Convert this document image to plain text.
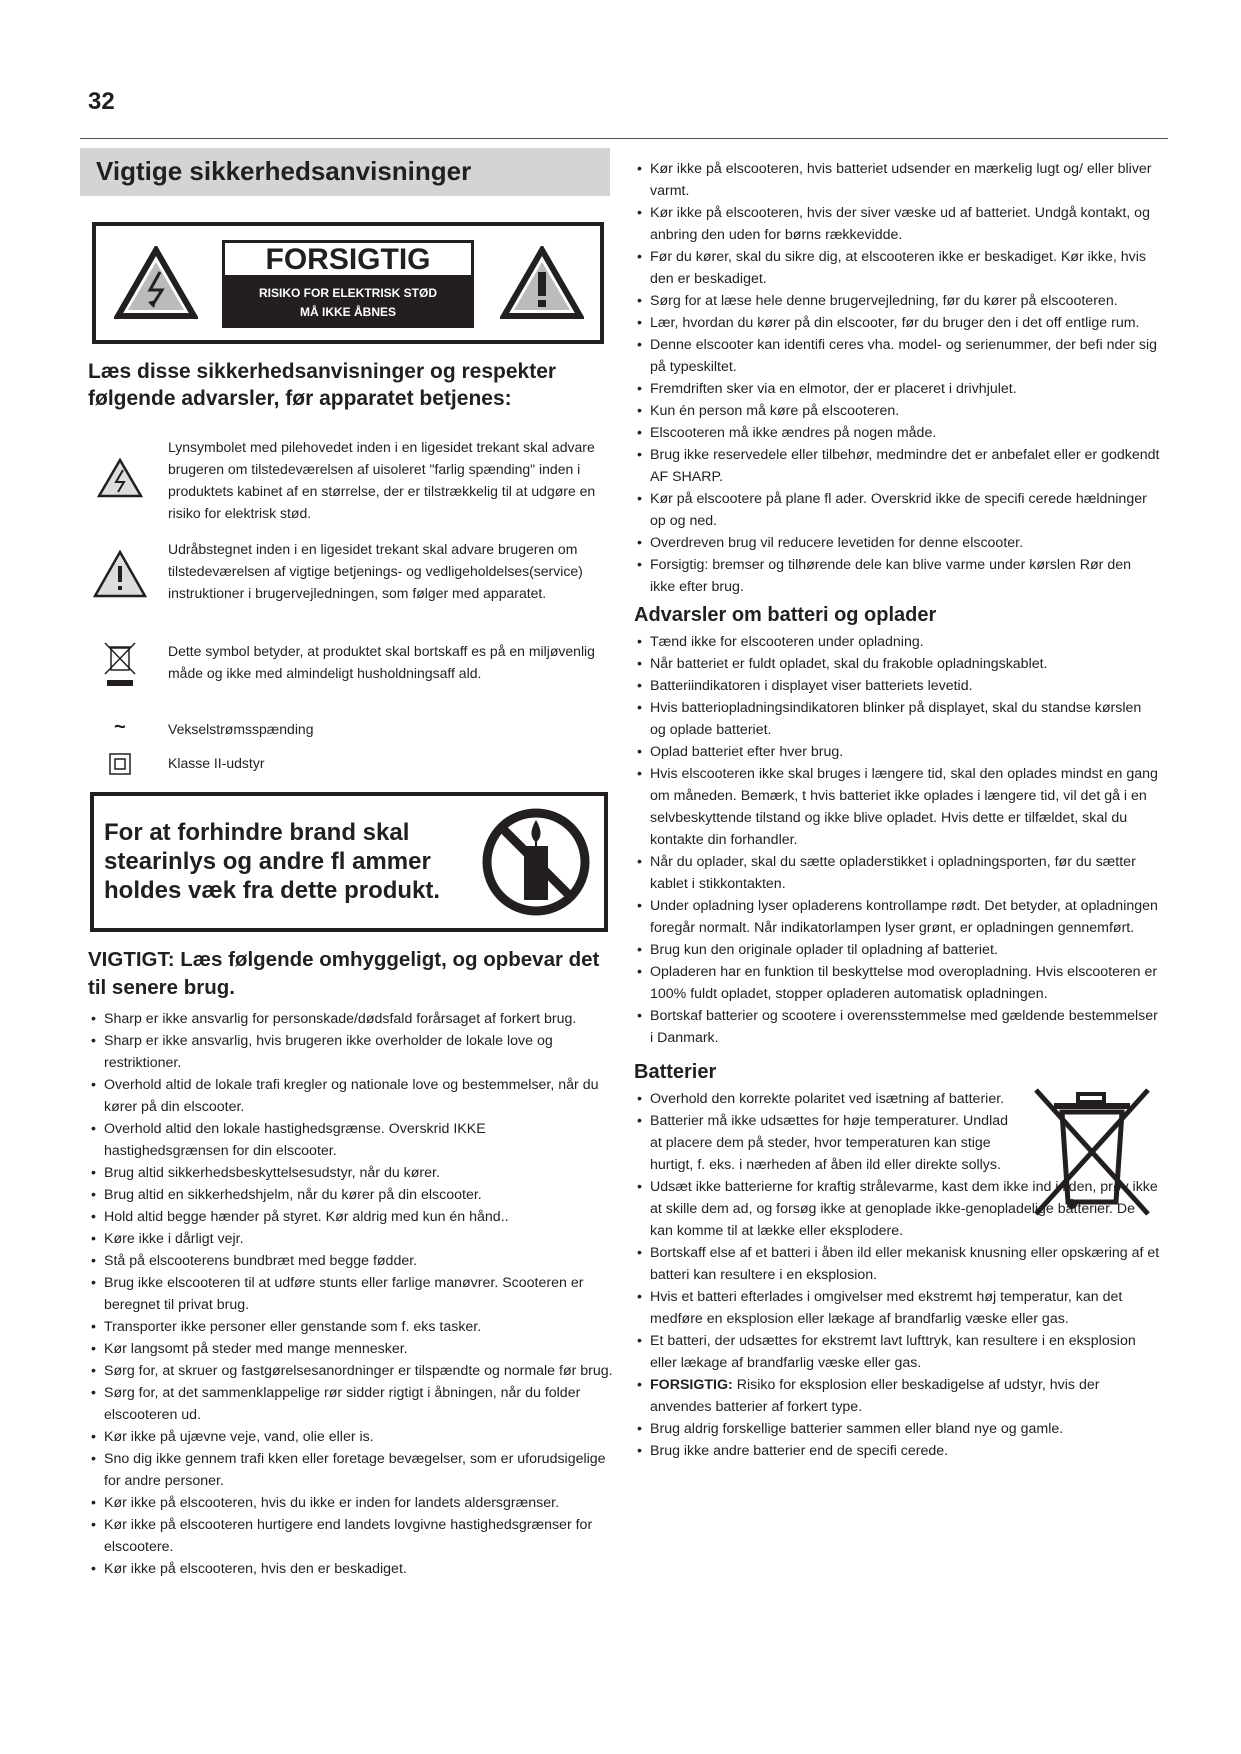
32
Vigtige sikkerhedsanvisninger
FORSIGTIG
RISIKO FOR ELEKTRISK STØD
MÅ IKKE ÅBNES
Læs disse sikkerhedsanvisninger og respekter følgende advarsler, før apparatet betjenes:
Lynsymbolet med pilehovedet inden i en ligesidet trekant skal advare brugeren om tilstedeværelsen af uisoleret "farlig spænding" inden i produktets kabinet af en størrelse, der er tilstrækkelig til at udgøre en risiko for elektrisk stød.
Udråbstegnet inden i en ligesidet trekant skal advare brugeren om tilstedeværelsen af vigtige betjenings- og vedligeholdelses(service) instruktioner i brugervejledningen, som følger med apparatet.
Dette symbol betyder, at produktet skal bortskaff es på en miljøvenlig måde og ikke med almindeligt husholdningsaff ald.
~	Vekselstrømsspænding
Klasse II-udstyr
For at forhindre brand skal stearinlys og andre fl ammer holdes væk fra dette produkt.
VIGTIGT: Læs følgende omhyggeligt, og opbevar det til senere brug.
• Sharp er ikke ansvarlig for personskade/dødsfald forårsaget af forkert brug.
• Sharp er ikke ansvarlig, hvis brugeren ikke overholder de lokale love og restriktioner.
• Overhold altid de lokale trafi kregler og nationale love og bestemmelser, når du kører på din elscooter.
• Overhold altid den lokale hastighedsgrænse. Overskrid IKKE hastighedsgrænsen for din elscooter.
• Brug altid sikkerhedsbeskyttelsesudstyr, når du kører.
• Brug altid en sikkerhedshjelm, når du kører på din elscooter.
• Hold altid begge hænder på styret. Kør aldrig med kun én hånd..
• Køre ikke i dårligt vejr.
• Stå på elscooterens bundbræt med begge fødder.
• Brug ikke elscooteren til at udføre stunts eller farlige manøvrer. Scooteren er beregnet til privat brug.
• Transporter ikke personer eller genstande som f. eks tasker.
• Kør langsomt på steder med mange mennesker.
• Sørg for, at skruer og fastgørelsesanordninger er tilspændte og normale før brug.
• Sørg for, at det sammenklappelige rør sidder rigtigt i åbningen, når du folder elscooteren ud.
• Kør ikke på ujævne veje, vand, olie eller is.
• Sno dig ikke gennem trafi kken eller foretage bevægelser, som er uforudsigelige for andre personer.
• Kør ikke på elscooteren, hvis du ikke er inden for landets aldersgrænser.
• Kør ikke på elscooteren hurtigere end landets lovgivne hastighedsgrænser for elscootere.
• Kør ikke på elscooteren, hvis den er beskadiget.
• Kør ikke på elscooteren, hvis batteriet udsender en mærkelig lugt og/ eller bliver varmt.
• Kør ikke på elscooteren, hvis der siver væske ud af batteriet. Undgå kontakt, og anbring den uden for børns rækkevidde.
• Før du kører, skal du sikre dig, at elscooteren ikke er beskadiget. Kør ikke, hvis den er beskadiget.
• Sørg for at læse hele denne brugervejledning, før du kører på elscooteren.
• Lær, hvordan du kører på din elscooter, før du bruger den i det off entlige rum.
• Denne elscooter kan identifi ceres vha. model- og serienummer, der befi nder sig på typeskiltet.
• Fremdriften sker via en elmotor, der er placeret i drivhjulet.
• Kun én person må køre på elscooteren.
• Elscooteren må ikke ændres på nogen måde.
• Brug ikke reservedele eller tilbehør, medmindre det er anbefalet eller er godkendt AF SHARP.
• Kør på elscootere på plane fl ader. Overskrid ikke de specifi cerede hældninger op og ned.
• Overdreven brug vil reducere levetiden for denne elscooter.
• Forsigtig: bremser og tilhørende dele kan blive varme under kørslen Rør den ikke efter brug.
Advarsler om batteri og oplader
• Tænd ikke for elscooteren under opladning.
• Når batteriet er fuldt opladet, skal du frakoble opladningskablet.
• Batteriindikatoren i displayet viser batteriets levetid.
• Hvis batteriopladningsindikatoren blinker på displayet, skal du standse kørslen og oplade batteriet.
• Oplad batteriet efter hver brug.
• Hvis elscooteren ikke skal bruges i længere tid, skal den oplades mindst en gang om måneden. Bemærk, t hvis batteriet ikke oplades i længere tid, vil det gå i en selvbeskyttende tilstand og ikke blive opladet. Hvis dette er tilfældet, skal du kontakte din forhandler.
• Når du oplader, skal du sætte opladerstikket i opladningsporten, før du sætter kablet i stikkontakten.
• Under opladning lyser opladerens kontrollampe rødt. Det betyder, at opladningen foregår normalt. Når indikatorlampen lyser grønt, er opladningen gennemført.
• Brug kun den originale oplader til opladning af batteriet.
• Opladeren har en funktion til beskyttelse mod overopladning. Hvis elscooteren er 100% fuldt opladet, stopper opladeren automatisk opladningen.
• Bortskaf batterier og scootere i overensstemmelse med gældende bestemmelser i Danmark.
Batterier
• Overhold den korrekte polaritet ved isætning af batterier.
• Batterier må ikke udsættes for høje temperaturer. Undlad at placere dem på steder, hvor temperaturen kan stige hurtigt, f. eks. i nærheden af åben ild eller direkte sollys.
• Udsæt ikke batterierne for kraftig strålevarme, kast dem ikke ind i ilden, prøv ikke at skille dem ad, og forsøg ikke at genoplade ikke-genopladelige batterier. De kan komme til at lække eller eksplodere.
• Bortskaff else af et batteri i åben ild eller mekanisk knusning eller opskæring af et batteri kan resultere i en eksplosion.
• Hvis et batteri efterlades i omgivelser med ekstremt høj temperatur, kan det medføre en eksplosion eller lækage af brandfarlig væske eller gas.
• Et batteri, der udsættes for ekstremt lavt lufttryk, kan resultere i en eksplosion eller lækage af brandfarlig væske eller gas.
• FORSIGTIG: Risiko for eksplosion eller beskadigelse af udstyr, hvis der anvendes batterier af forkert type.
• Brug aldrig forskellige batterier sammen eller bland nye og gamle.
• Brug ikke andre batterier end de specifi cerede.
